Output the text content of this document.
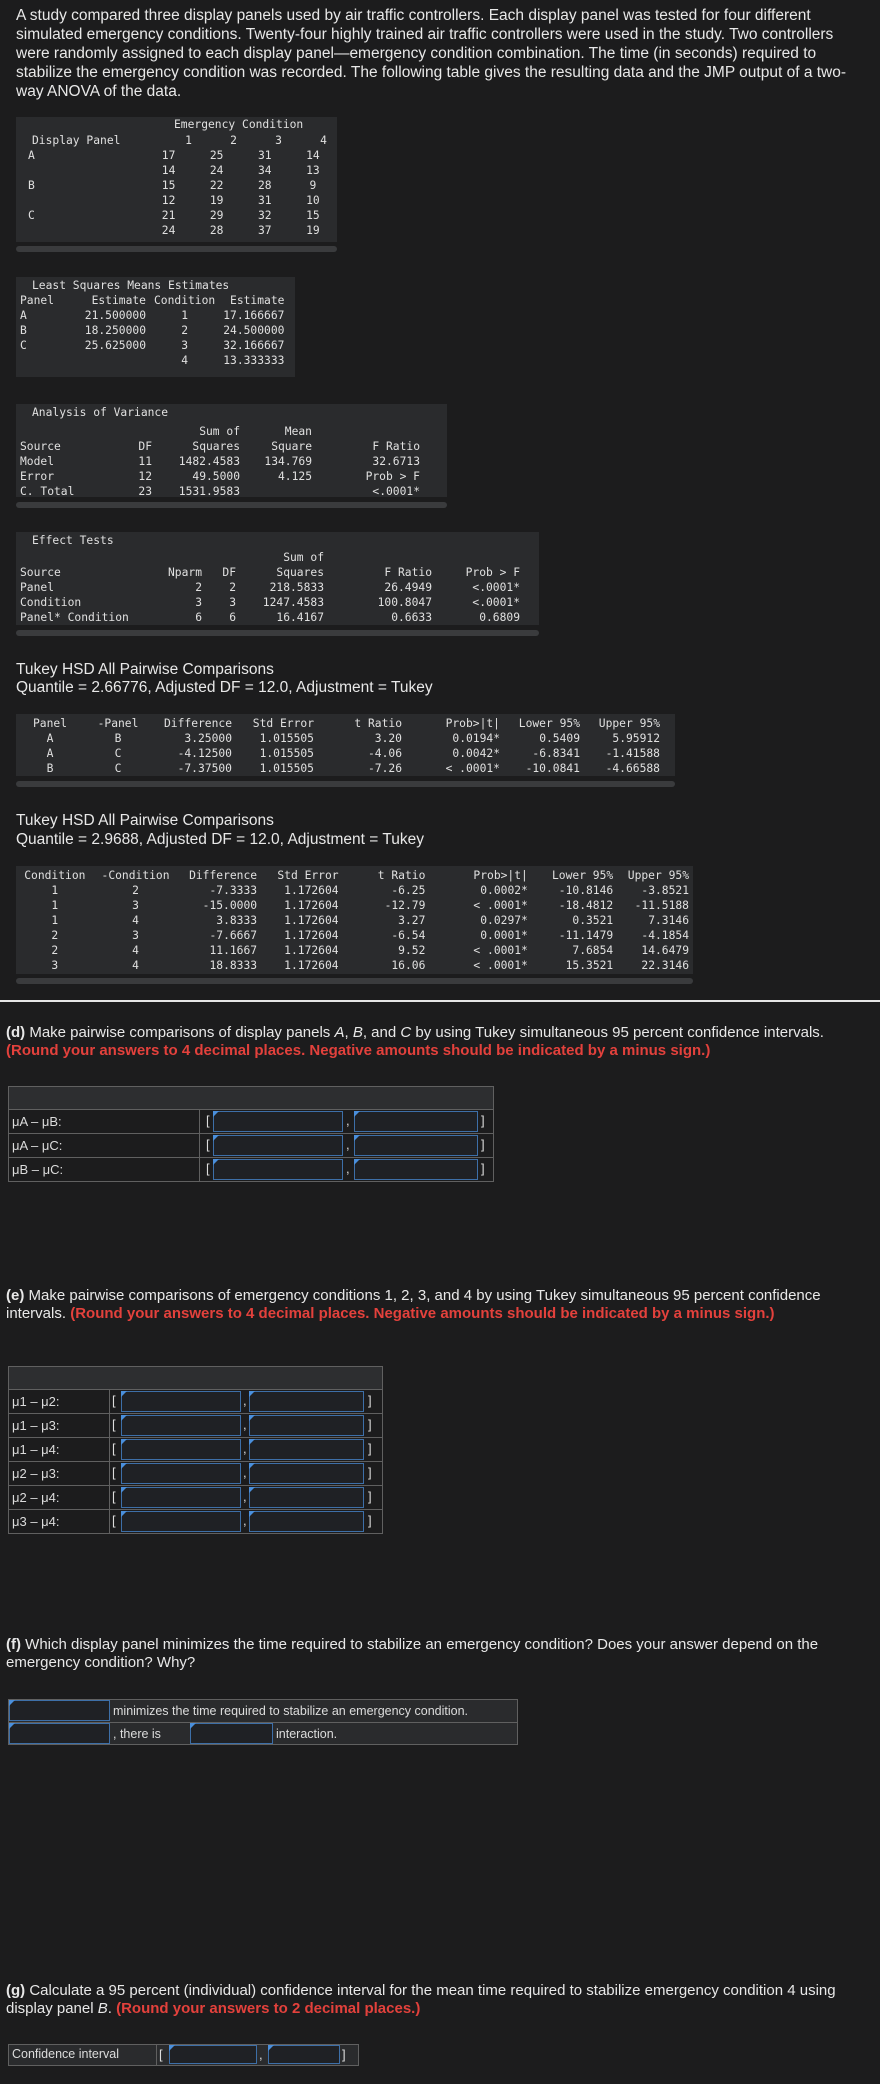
A study compared three display panels used by air traffic controllers. Each display panel was tested for four different simulated emergency conditions. Twenty-four highly trained air traffic controllers were used in the study. Two controllers were randomly assigned to each display panel—emergency condition combination. The time (in seconds) required to stabilize the emergency condition was recorded. The following table gives the resulting data and the JMP output of a two-way ANOVA of the data.
Emergency Condition
Display Panel	1	2	3	4
A	17	25	31	14
	14	24	34	13
B	15	22	28	9
	12	19	31	10
C	21	29	32	15
	24	28	37	19
Least Squares Means Estimates
Panel	Estimate	Condition	Estimate
A	21.500000	1	17.166667
B	18.250000	2	24.500000
C	25.625000	3	32.166667
		4	13.333333
Analysis of Variance
		Sum of	Mean	
Source	DF	Squares	Square	F Ratio
Model	11	1482.4583	134.769	32.6713
Error	12	49.5000	4.125	Prob > F
C. Total	23	1531.9583		<.0001*
Effect Tests
			Sum of		
Source	Nparm	DF	Squares	F Ratio	Prob > F
Panel	2	2	218.5833	26.4949	<.0001*
Condition	3	3	1247.4583	100.8047	<.0001*
Panel* Condition	6	6	16.4167	0.6633	0.6809
Tukey HSD All Pairwise Comparisons
Quantile = 2.66776, Adjusted DF = 12.0, Adjustment = Tukey
Panel	-Panel	Difference	Std Error	t Ratio	Prob>|t|	Lower 95%	Upper 95%
A	B	3.25000	1.015505	3.20	0.0194*	0.5409	5.95912
A	C	-4.12500	1.015505	-4.06	0.0042*	-6.8341	-1.41588
B	C	-7.37500	1.015505	-7.26	< .0001*	-10.0841	-4.66588
Tukey HSD All Pairwise Comparisons
Quantile = 2.9688, Adjusted DF = 12.0, Adjustment = Tukey
Condition	-Condition	Difference	Std Error	t Ratio	Prob>|t|	Lower 95%	Upper 95%
1	2	-7.3333	1.172604	-6.25	0.0002*	-10.8146	-3.8521
1	3	-15.0000	1.172604	-12.79	< .0001*	-18.4812	-11.5188
1	4	3.8333	1.172604	3.27	0.0297*	0.3521	7.3146
2	3	-7.6667	1.172604	-6.54	0.0001*	-11.1479	-4.1854
2	4	11.1667	1.172604	9.52	< .0001*	7.6854	14.6479
3	4	18.8333	1.172604	16.06	< .0001*	15.3521	22.3146
(d) Make pairwise comparisons of display panels A, B, and C by using Tukey simultaneous 95 percent confidence intervals.(Round your answers to 4 decimal places. Negative amounts should be indicated by a minus sign.)
μA – μB:	[	,	]
μA – μC:	[	,	]
μB – μC:	[	,	]
(e) Make pairwise comparisons of emergency conditions 1, 2, 3, and 4 by using Tukey simultaneous 95 percent confidence intervals. (Round your answers to 4 decimal places. Negative amounts should be indicated by a minus sign.)
μ1 – μ2:	[	,	]
μ1 – μ3:	[	,	]
μ1 – μ4:	[	,	]
μ2 – μ3:	[	,	]
μ2 – μ4:	[	,	]
μ3 – μ4:	[	,	]
(f) Which display panel minimizes the time required to stabilize an emergency condition? Does your answer depend on the emergency condition? Why?
minimizes the time required to stabilize an emergency condition.
, there is	interaction.
(g) Calculate a 95 percent (individual) confidence interval for the mean time required to stabilize emergency condition 4 using display panel B. (Round your answers to 2 decimal places.)
Confidence interval	[	,	]
